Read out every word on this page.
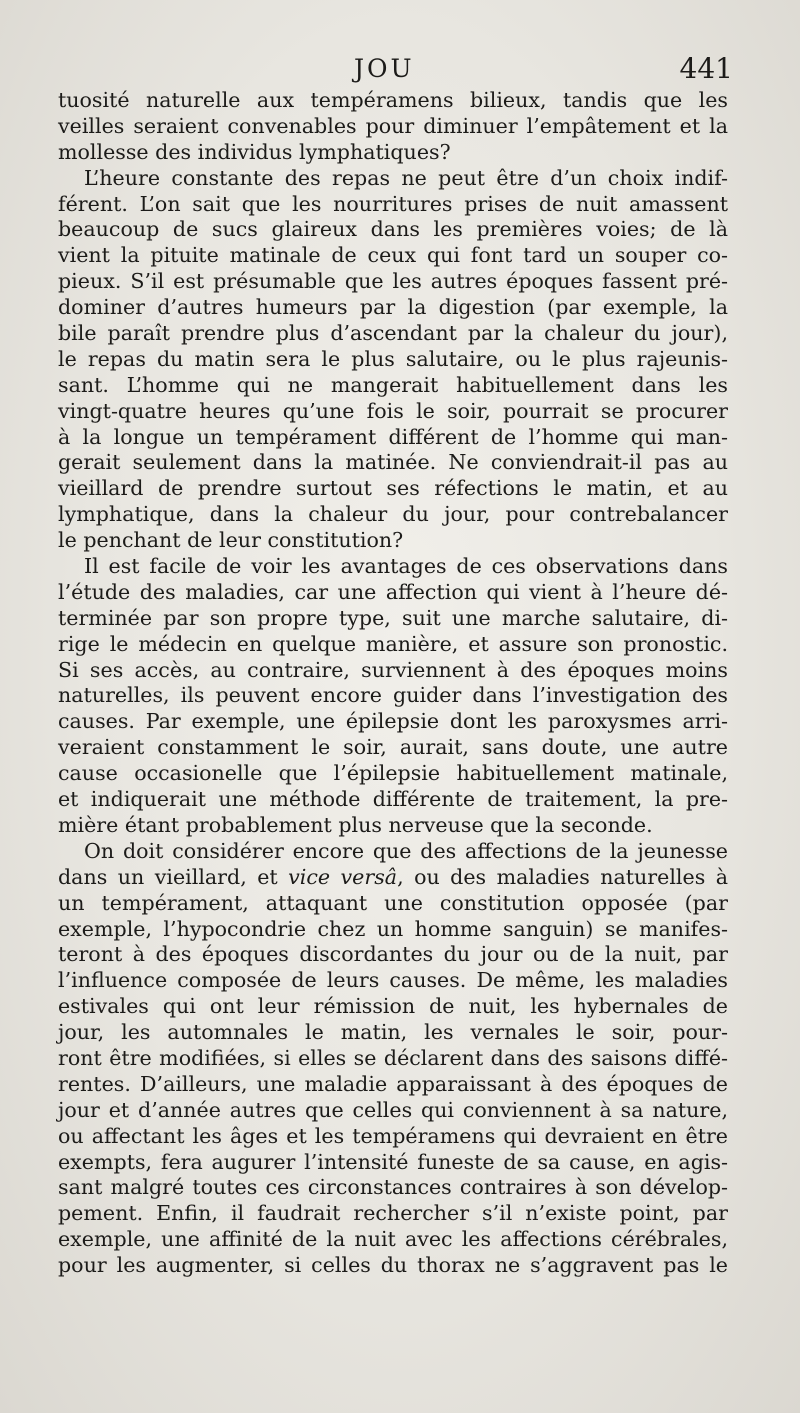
JOU	441
tuosité naturelle aux tempéramens bilieux, tandis que les
veilles seraient convenables pour diminuer l’empâtement et la
mollesse des individus lymphatiques?
L’heure constante des repas ne peut être d’un choix indif-
férent. L’on sait que les nourritures prises de nuit amassent
beaucoup de sucs glaireux dans les premières voies; de là
vient la pituite matinale de ceux qui font tard un souper co-
pieux. S’il est présumable que les autres époques fassent pré-
dominer d’autres humeurs par la digestion (par exemple, la
bile paraît prendre plus d’ascendant par la chaleur du jour),
le repas du matin sera le plus salutaire, ou le plus rajeunis-
sant. L’homme qui ne mangerait habituellement dans les
vingt-quatre heures qu’une fois le soir, pourrait se procurer
à la longue un tempérament différent de l’homme qui man-
gerait seulement dans la matinée. Ne conviendrait-il pas au
vieillard de prendre surtout ses réfections le matin, et au
lymphatique, dans la chaleur du jour, pour contrebalancer
le penchant de leur constitution?
Il est facile de voir les avantages de ces observations dans
l’étude des maladies, car une affection qui vient à l’heure dé-
terminée par son propre type, suit une marche salutaire, di-
rige le médecin en quelque manière, et assure son pronostic.
Si ses accès, au contraire, surviennent à des époques moins
naturelles, ils peuvent encore guider dans l’investigation des
causes. Par exemple, une épilepsie dont les paroxysmes arri-
veraient constamment le soir, aurait, sans doute, une autre
cause occasionelle que l’épilepsie habituellement matinale,
et indiquerait une méthode différente de traitement, la pre-
mière étant probablement plus nerveuse que la seconde.
On doit considérer encore que des affections de la jeunesse
dans un vieillard, et vice versâ, ou des maladies naturelles à
un tempérament, attaquant une constitution opposée (par
exemple, l’hypocondrie chez un homme sanguin) se manifes-
teront à des époques discordantes du jour ou de la nuit, par
l’influence composée de leurs causes. De même, les maladies
estivales qui ont leur rémission de nuit, les hybernales de
jour, les automnales le matin, les vernales le soir, pour-
ront être modifiées, si elles se déclarent dans des saisons diffé-
rentes. D’ailleurs, une maladie apparaissant à des époques de
jour et d’année autres que celles qui conviennent à sa nature,
ou affectant les âges et les tempéramens qui devraient en être
exempts, fera augurer l’intensité funeste de sa cause, en agis-
sant malgré toutes ces circonstances contraires à son dévelop-
pement. Enfin, il faudrait rechercher s’il n’existe point, par
exemple, une affinité de la nuit avec les affections cérébrales,
pour les augmenter, si celles du thorax ne s’aggravent pas le
